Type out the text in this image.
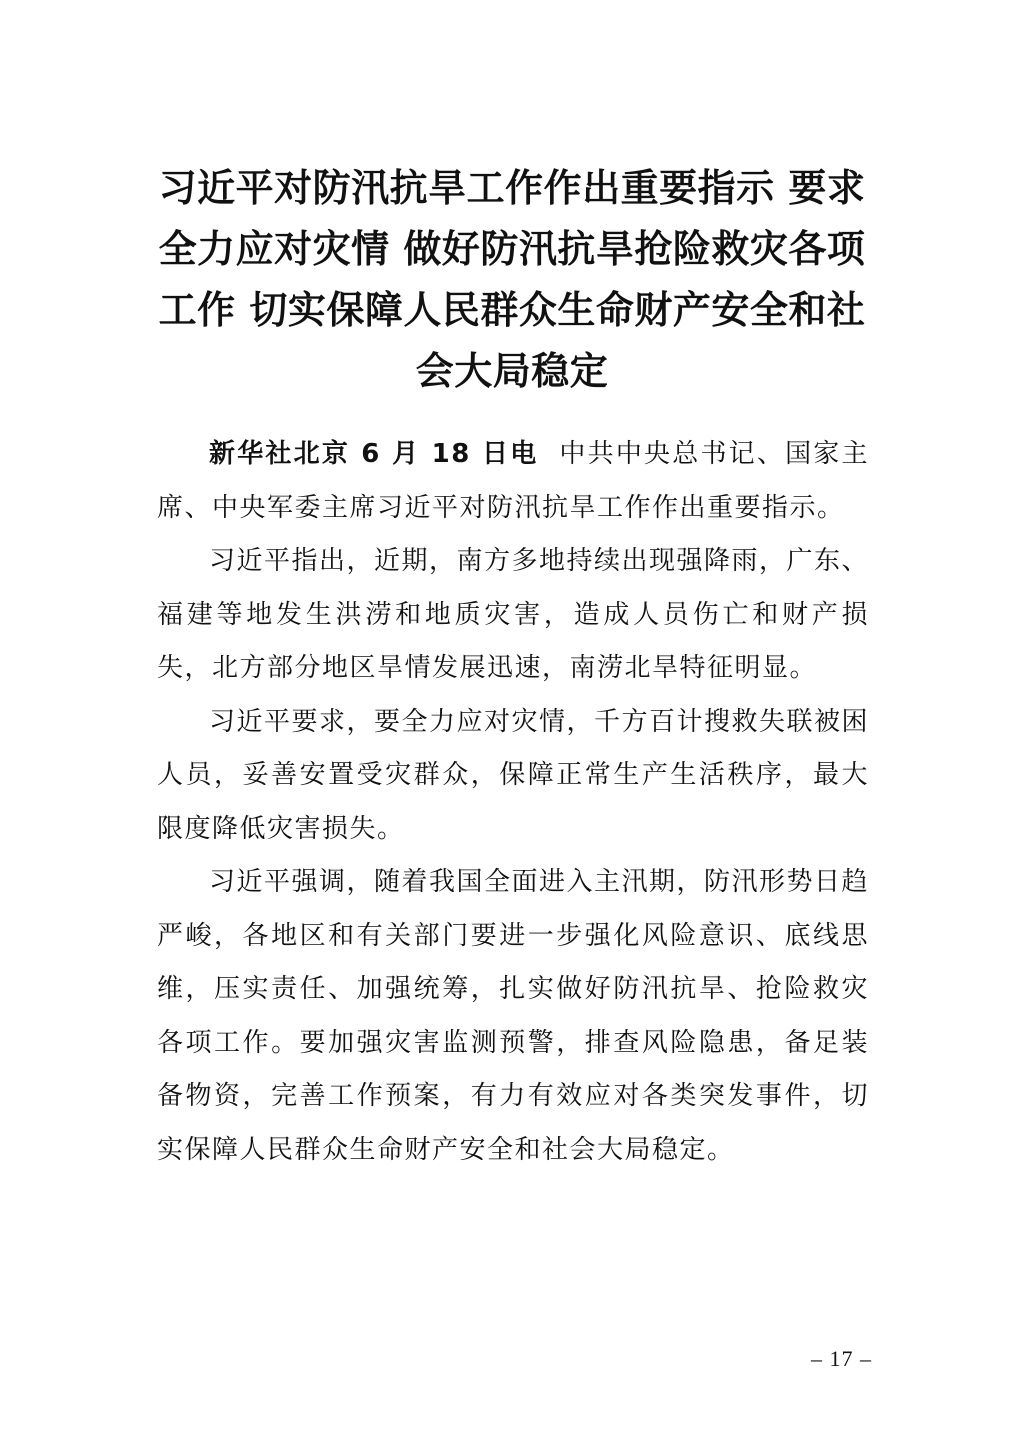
习近平对防汛抗旱工作作出重要指示 要求
全力应对灾情 做好防汛抗旱抢险救灾各项
工作 切实保障人民群众生命财产安全和社
会大局稳定

新华社北京 6 月 18 日电 中共中央总书记、国家主席、中央军委主席习近平对防汛抗旱工作作出重要指示。

习近平指出，近期，南方多地持续出现强降雨，广东、福建等地发生洪涝和地质灾害，造成人员伤亡和财产损失，北方部分地区旱情发展迅速，南涝北旱特征明显。

习近平要求，要全力应对灾情，千方百计搜救失联被困人员，妥善安置受灾群众，保障正常生产生活秩序，最大限度降低灾害损失。

习近平强调，随着我国全面进入主汛期，防汛形势日趋严峻，各地区和有关部门要进一步强化风险意识、底线思维，压实责任、加强统筹，扎实做好防汛抗旱、抢险救灾各项工作。要加强灾害监测预警，排查风险隐患，备足装备物资，完善工作预案，有力有效应对各类突发事件，切实保障人民群众生命财产安全和社会大局稳定。

– 17 –
